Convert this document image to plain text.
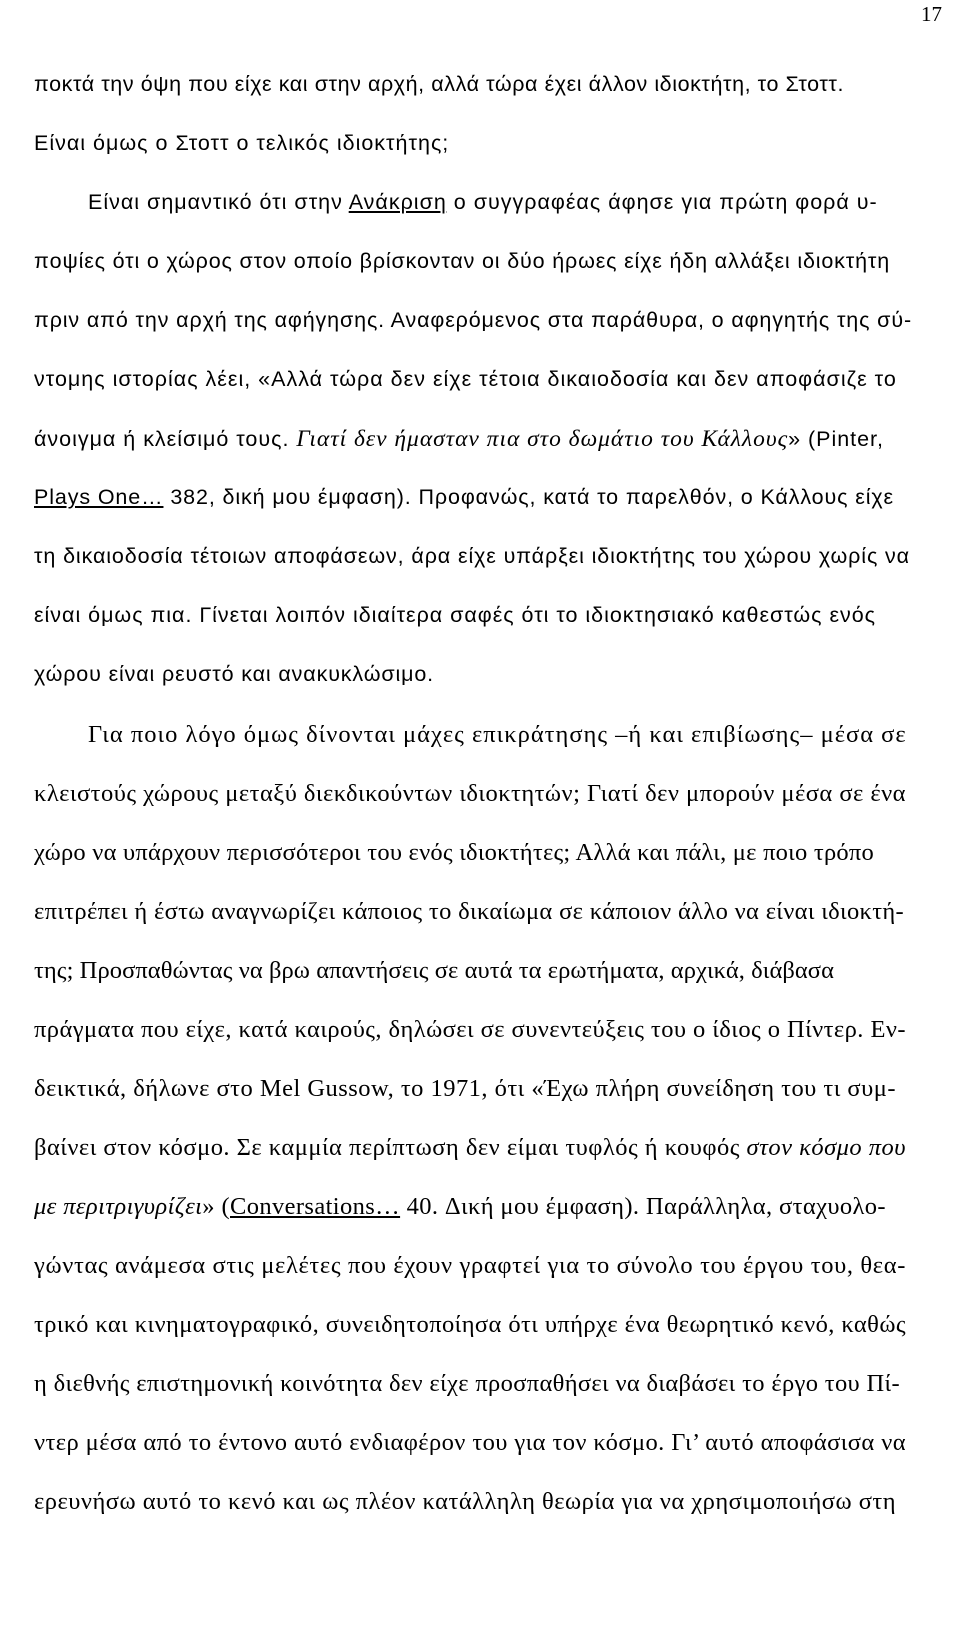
17
ποκτά την όψη που είχε και στην αρχή, αλλά τώρα έχει άλλον ιδιοκτήτη, το Στοττ.
Είναι όμως ο Στοττ ο τελικός ιδιοκτήτης;
Είναι σημαντικό ότι στην Ανάκριση ο συγγραφέας άφησε για πρώτη φορά υ-
πoψίες ότι ο χώρος στον οποίο βρίσκονταν οι δύο ήρωες είχε ήδη αλλάξει ιδιοκτήτη
πριν από την αρχή της αφήγησης. Αναφερόμενος στα παράθυρα, ο αφηγητής της σύ-
ντομης ιστορίας λέει, «Αλλά τώρα δεν είχε τέτοια δικαιοδοσία και δεν αποφάσιζε το
άνοιγμα ή κλείσιμό τους. Γιατί δεν ήμασταν πια στο δωμάτιο του Κάλλους» (Pinter,
Plays One… 382, δική μου έμφαση). Προφανώς, κατά το παρελθόν, ο Κάλλους είχε
τη δικαιοδοσία τέτοιων αποφάσεων, άρα είχε υπάρξει ιδιοκτήτης του χώρου χωρίς να
είναι όμως πια. Γίνεται λοιπόν ιδιαίτερα σαφές ότι το ιδιοκτησιακό καθεστώς ενός
χώρου είναι ρευστό και ανακυκλώσιμο.
Για ποιο λόγο όμως δίνονται μάχες επικράτησης –ή και επιβίωσης– μέσα σε
κλειστούς χώρους μεταξύ διεκδικούντων ιδιοκτητών; Γιατί δεν μπορούν μέσα σε ένα
χώρο να υπάρχουν περισσότεροι του ενός ιδιοκτήτες; Αλλά και πάλι, με ποιο τρόπο
επιτρέπει ή έστω αναγνωρίζει κάποιος το δικαίωμα σε κάποιον άλλο να είναι ιδιοκτή-
της; Προσπαθώντας να βρω απαντήσεις σε αυτά τα ερωτήματα, αρχικά, διάβασα
πράγματα που είχε, κατά καιρούς, δηλώσει σε συνεντεύξεις του ο ίδιος ο Πίντερ. Εν-
δεικτικά, δήλωνε στο Mel Gussow, το 1971, ότι «Έχω πλήρη συνείδηση του τι συμ-
βαίνει στον κόσμο. Σε καμμία περίπτωση δεν είμαι τυφλός ή κουφός στον κόσμο που
με περιτριγυρίζει» (Conversations… 40. Δική μου έμφαση). Παράλληλα, σταχυολο-
γώντας ανάμεσα στις μελέτες που έχουν γραφτεί για το σύνολο του έργου του, θεα-
τρικό και κινηματογραφικό, συνειδητοποίησα ότι υπήρχε ένα θεωρητικό κενό, καθώς
η διεθνής επιστημονική κοινότητα δεν είχε προσπαθήσει να διαβάσει το έργο του Πί-
ντερ μέσα από το έντονο αυτό ενδιαφέρον του για τον κόσμο. Γι’ αυτό αποφάσισα να
ερευνήσω αυτό το κενό και ως πλέον κατάλληλη θεωρία για να χρησιμοποιήσω στη
